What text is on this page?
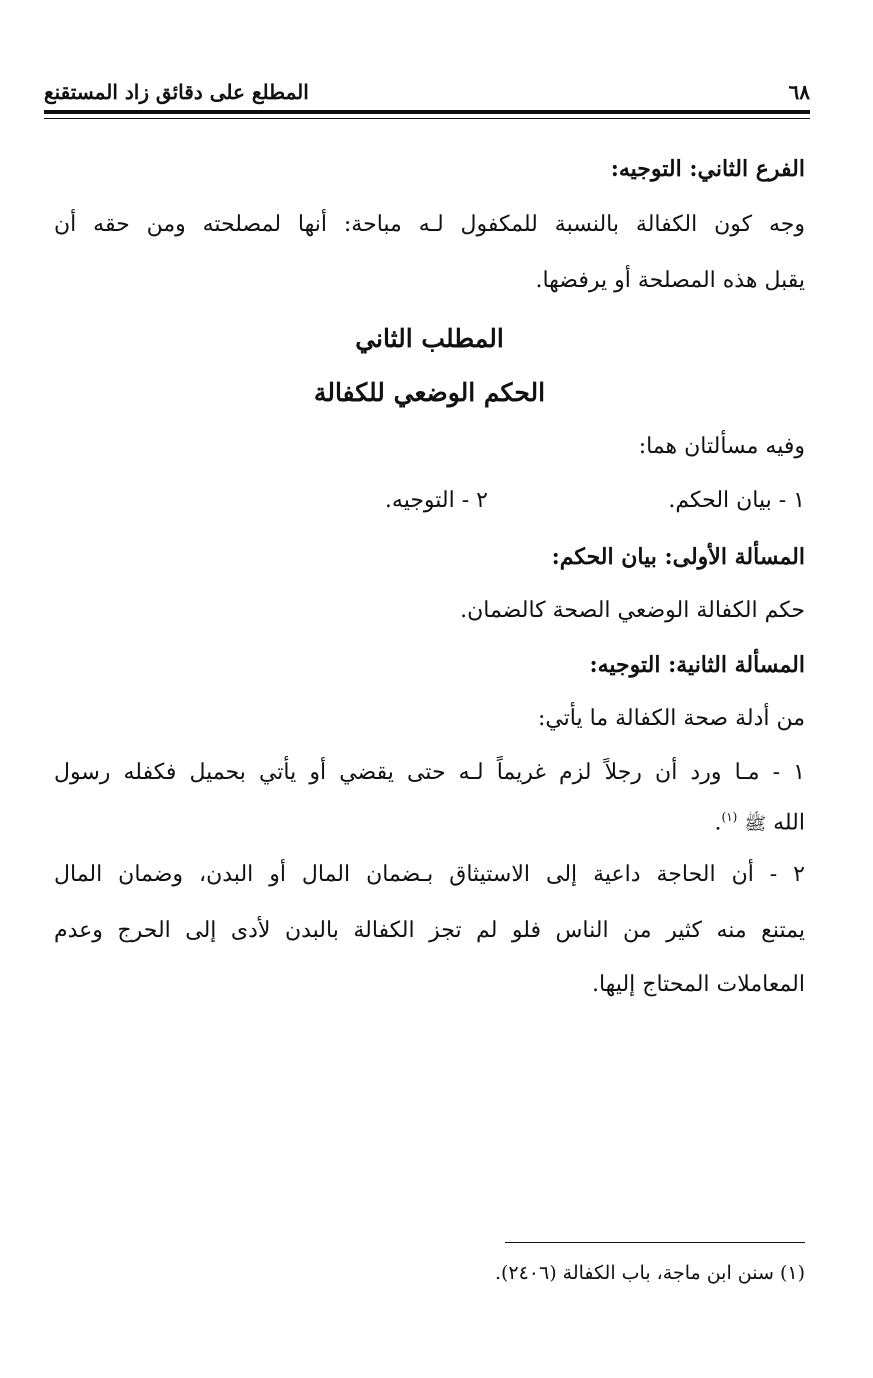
٦٨
المطلع على دقائق زاد المستقنع
الفرع الثاني: التوجيه:
وجه كون الكفالة بالنسبة للمكفول لـه مباحة: أنها لمصلحته ومن حقه أن
يقبل هذه المصلحة أو يرفضها.
المطلب الثاني
الحكم الوضعي للكفالة
وفيه مسألتان هما:
١ - بيان الحكم.
٢ - التوجيه.
المسألة الأولى: بيان الحكم:
حكم الكفالة الوضعي الصحة كالضمان.
المسألة الثانية: التوجيه:
من أدلة صحة الكفالة ما يأتي:
١ - مـا ورد أن رجلاً لزم غريماً لـه حتى يقضي أو يأتي بحميل فكفله رسول
الله ﷺ $^{(١)}$.
٢ - أن الحاجة داعية إلى الاستيثاق بـضمان المال أو البدن، وضمان المال
يمتنع منه كثير من الناس فلو لم تجز الكفالة بالبدن لأدى إلى الحرج وعدم
المعاملات المحتاج إليها.
(١) سنن ابن ماجة، باب الكفالة (٢٤٠٦).
